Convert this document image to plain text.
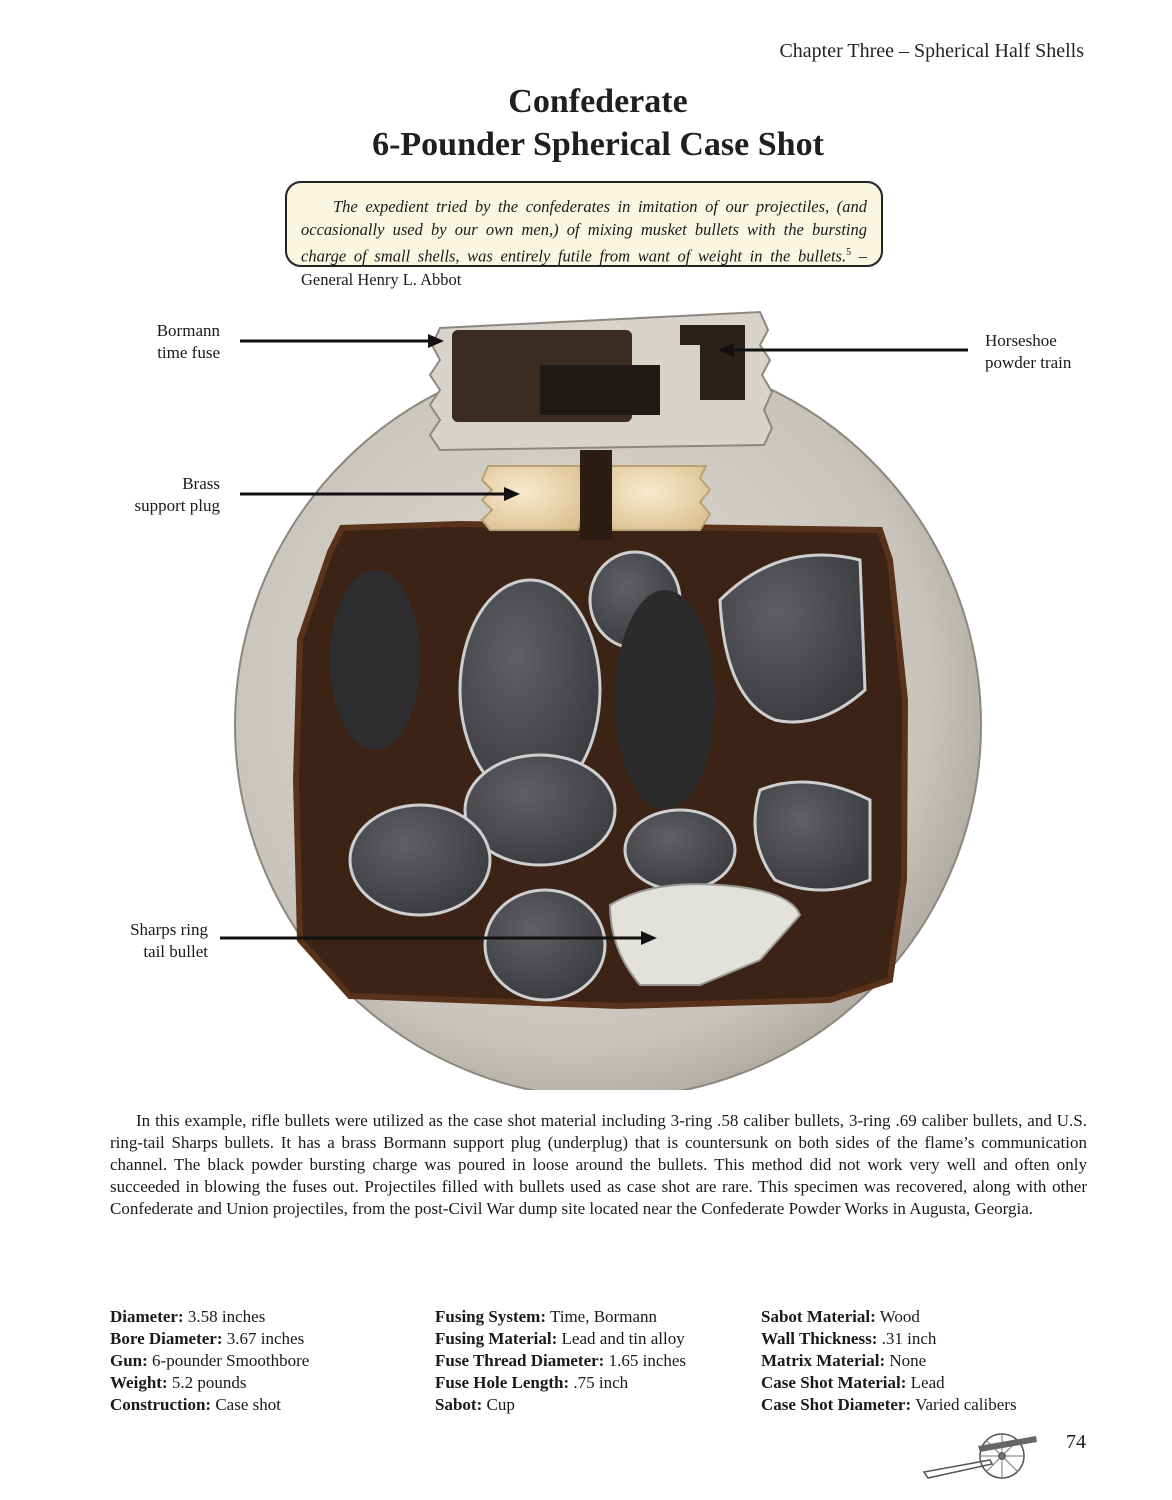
Chapter Three – Spherical Half Shells
Confederate
6-Pounder Spherical Case Shot

The expedient tried by the confederates in imitation of our projectiles, (and occasionally used by our own men,) of mixing musket bullets with the bursting charge of small shells, was entirely futile from want of weight in the bullets.$^5$ – General Henry L. Abbot

Bormann
time fuse
Brass
support plug
Sharps ring
tail bullet
Horseshoe
powder train

In this example, rifle bullets were utilized as the case shot material including 3-ring .58 caliber bullets, 3-ring .69 caliber bullets, and U.S. ring-tail Sharps bullets. It has a brass Bormann support plug (underplug) that is countersunk on both sides of the flame’s communication channel. The black powder bursting charge was poured in loose around the bullets. This method did not work very well and often only succeeded in blowing the fuses out. Projectiles filled with bullets used as case shot are rare. This specimen was recovered, along with other Confederate and Union projectiles, from the post-Civil War dump site located near the Confederate Powder Works in Augusta, Georgia.

Diameter: 3.58 inches
Bore Diameter: 3.67 inches
Gun: 6-pounder Smoothbore
Weight: 5.2 pounds
Construction: Case shot
Fusing System: Time, Bormann
Fusing Material: Lead and tin alloy
Fuse Thread Diameter: 1.65 inches
Fuse Hole Length: .75 inch
Sabot: Cup
Sabot Material: Wood
Wall Thickness: .31 inch
Matrix Material: None
Case Shot Material: Lead
Case Shot Diameter: Varied calibers
74
